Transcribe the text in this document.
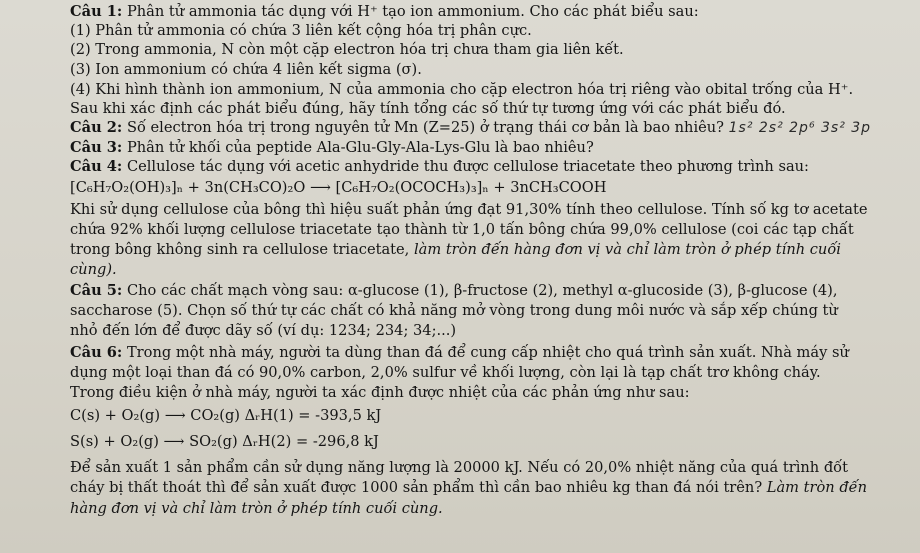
Câu 1: Phân tử ammonia tác dụng với H⁺ tạo ion ammonium. Cho các phát biểu sau:
(1) Phân tử ammonia có chứa 3 liên kết cộng hóa trị phân cực.
(2) Trong ammonia, N còn một cặp electron hóa trị chưa tham gia liên kết.
(3) Ion ammonium có chứa 4 liên kết sigma (σ).
(4) Khi hình thành ion ammonium, N của ammonia cho cặp electron hóa trị riêng vào obital trống của H⁺.
Sau khi xác định các phát biểu đúng, hãy tính tổng các số thứ tự tương ứng với các phát biểu đó.
Câu 2: Số electron hóa trị trong nguyên tử Mn (Z=25) ở trạng thái cơ bản là bao nhiêu? 1s² 2s² 2p⁶ 3s² 3p
Câu 3: Phân tử khối của peptide Ala-Glu-Gly-Ala-Lys-Glu là bao nhiêu?
Câu 4: Cellulose tác dụng với acetic anhydride thu được cellulose triacetate theo phương trình sau:
[C₆H₇O₂(OH)₃]ₙ + 3n(CH₃CO)₂O ⟶ [C₆H₇O₂(OCOCH₃)₃]ₙ + 3nCH₃COOH
Khi sử dụng cellulose của bông thì hiệu suất phản ứng đạt 91,30% tính theo cellulose. Tính số kg tơ acetate
chứa 92% khối lượng cellulose triacetate tạo thành từ 1,0 tấn bông chứa 99,0% cellulose (coi các tạp chất
trong bông không sinh ra cellulose triacetate, làm tròn đến hàng đơn vị và chỉ làm tròn ở phép tính cuối
cùng).
Câu 5: Cho các chất mạch vòng sau: α-glucose (1), β-fructose (2), methyl α-glucoside (3), β-glucose (4),
saccharose (5). Chọn số thứ tự các chất có khả năng mở vòng trong dung môi nước và sắp xếp chúng từ
nhỏ đến lớn để được dãy số (ví dụ: 1234; 234; 34;...)
Câu 6: Trong một nhà máy, người ta dùng than đá để cung cấp nhiệt cho quá trình sản xuất. Nhà máy sử
dụng một loại than đá có 90,0% carbon, 2,0% sulfur về khối lượng, còn lại là tạp chất trơ không cháy.
Trong điều kiện ở nhà máy, người ta xác định được nhiệt của các phản ứng như sau:
C(s) + O₂(g) ⟶ CO₂(g) ΔᵣH(1) = -393,5 kJ
S(s) + O₂(g) ⟶ SO₂(g) ΔᵣH(2) = -296,8 kJ
Để sản xuất 1 sản phẩm cần sử dụng năng lượng là 20000 kJ. Nếu có 20,0% nhiệt năng của quá trình đốt
cháy bị thất thoát thì để sản xuất được 1000 sản phẩm thì cần bao nhiêu kg than đá nói trên? Làm tròn đến
hàng đơn vị và chỉ làm tròn ở phép tính cuối cùng.
